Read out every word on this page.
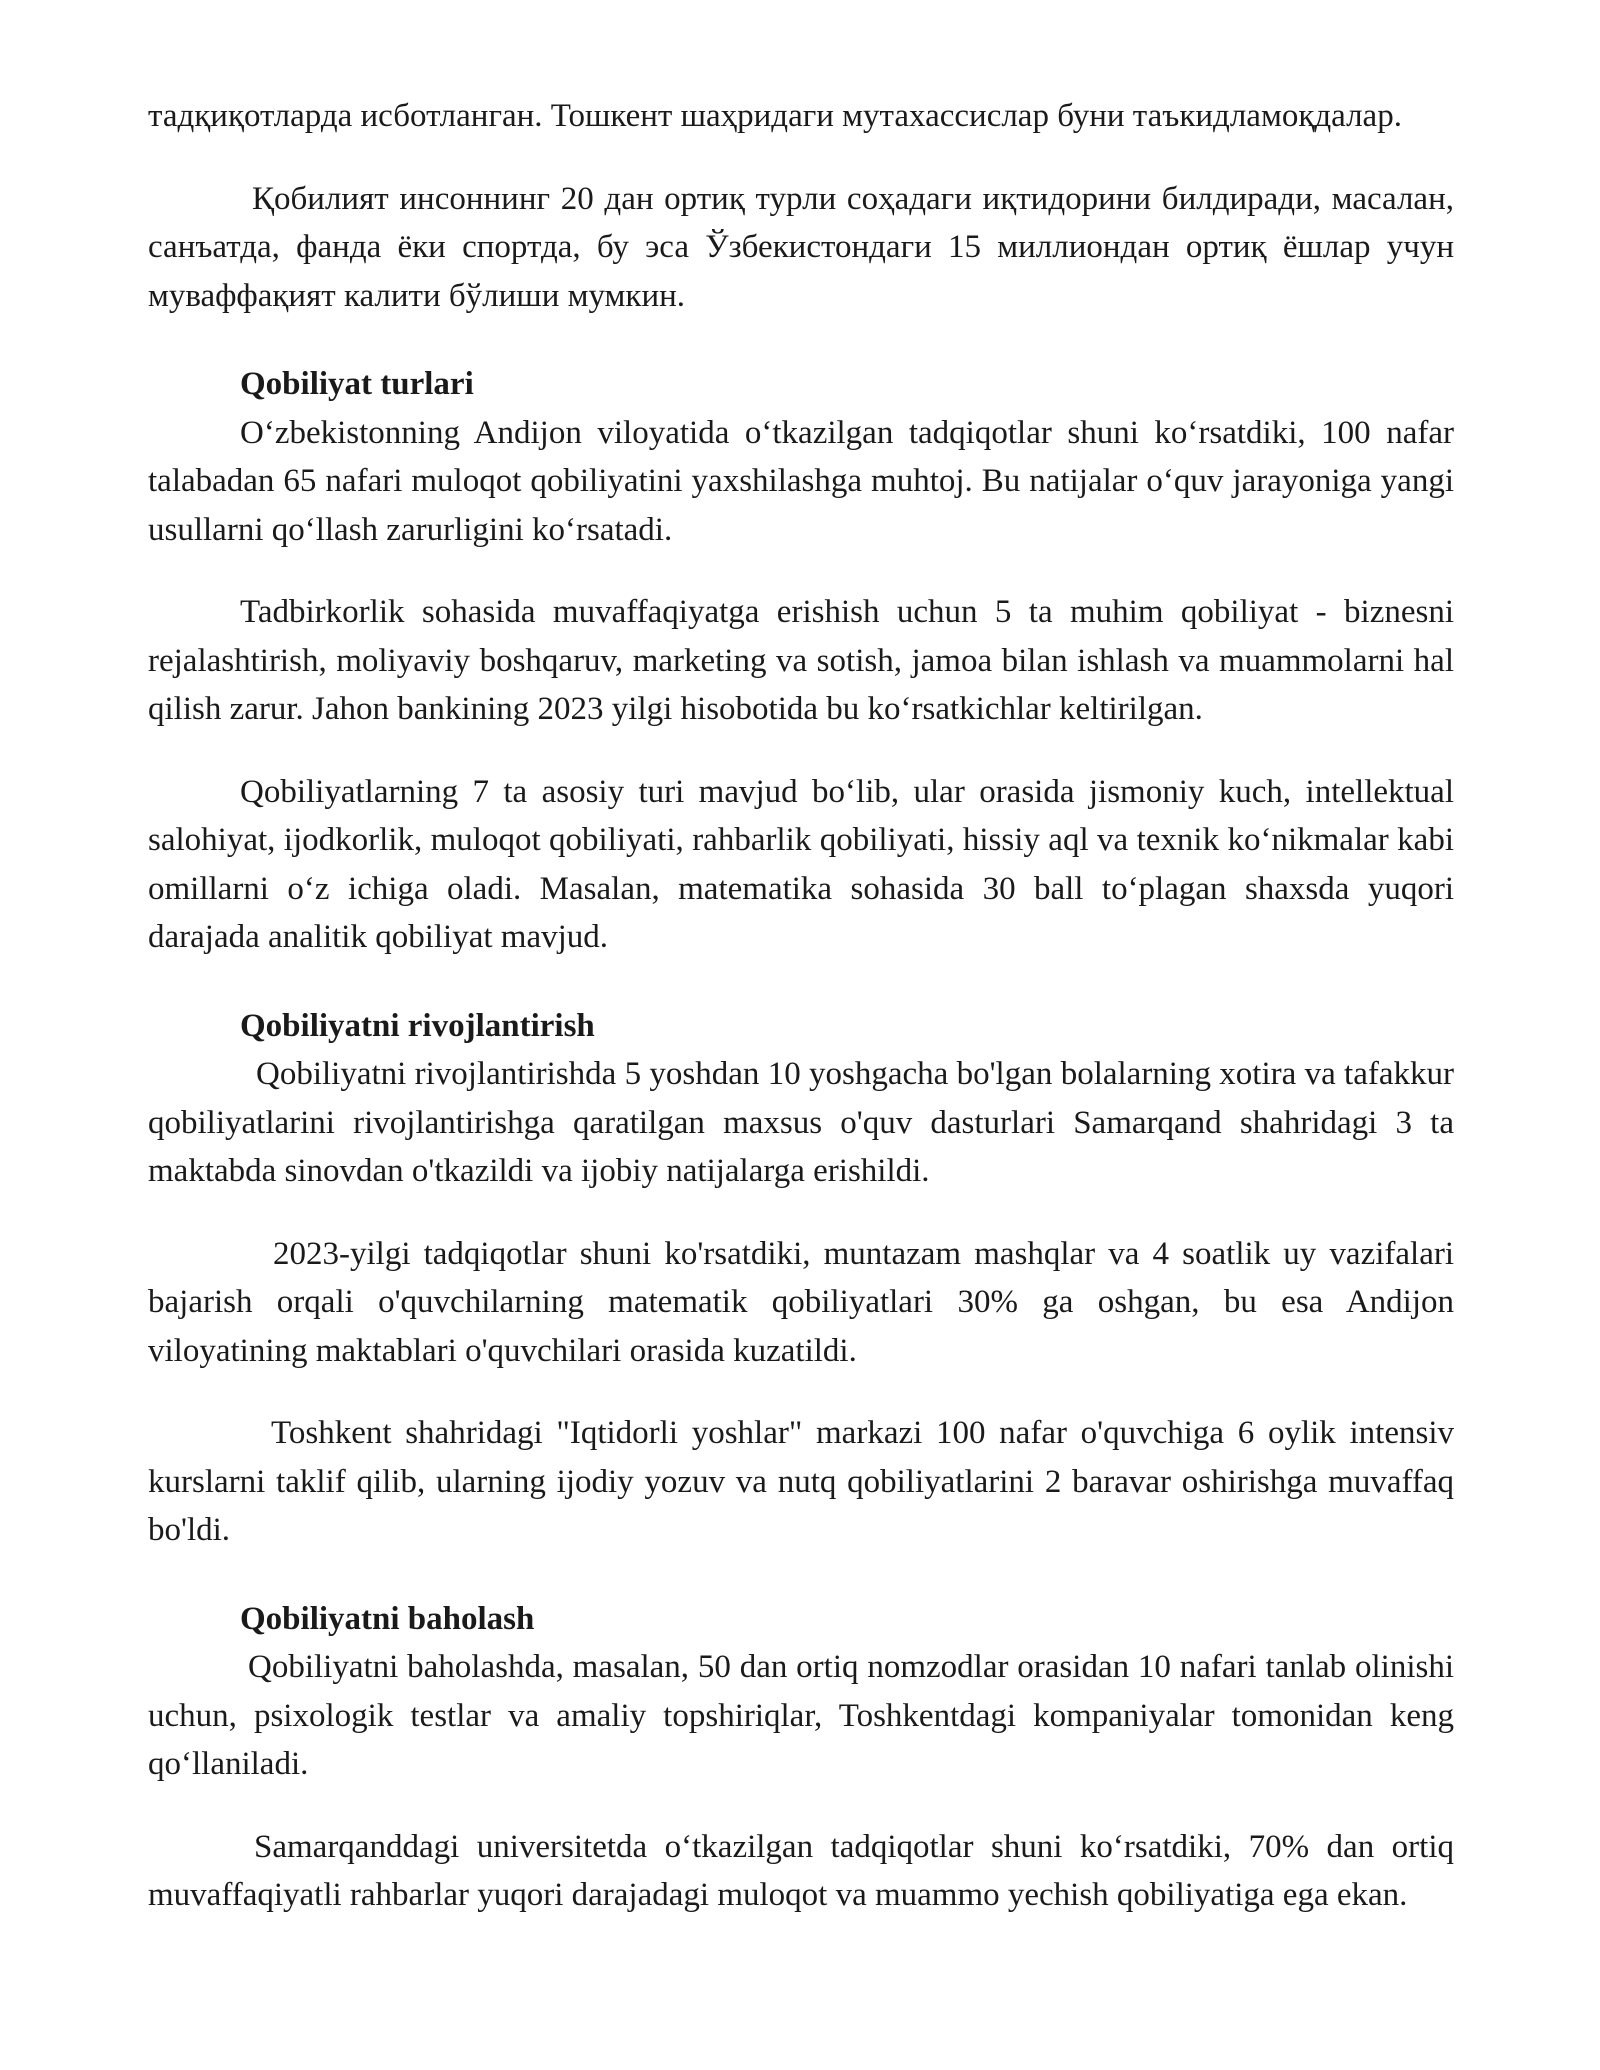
тадқиқотларда исботланган. Тошкент шаҳридаги мутахассислар буни таъкидламоқдалар.

Қобилият инсоннинг 20 дан ортиқ турли соҳадаги иқтидорини билдиради, масалан, санъатда, фанда ёки спортда, бу эса Ўзбекистондаги 15 миллиондан ортиқ ёшлар учун муваффақият калити бўлиши мумкин.

Qobiliyat turlari

Oʻzbekistonning Andijon viloyatida oʻtkazilgan tadqiqotlar shuni koʻrsatdiki, 100 nafar talabadan 65 nafari muloqot qobiliyatini yaxshilashga muhtoj. Bu natijalar oʻquv jarayoniga yangi usullarni qoʻllash zarurligini koʻrsatadi.

Tadbirkorlik sohasida muvaffaqiyatga erishish uchun 5 ta muhim qobiliyat - biznesni rejalashtirish, moliyaviy boshqaruv, marketing va sotish, jamoa bilan ishlash va muammolarni hal qilish zarur. Jahon bankining 2023 yilgi hisobotida bu koʻrsatkichlar keltirilgan.

Qobiliyatlarning 7 ta asosiy turi mavjud boʻlib, ular orasida jismoniy kuch, intellektual salohiyat, ijodkorlik, muloqot qobiliyati, rahbarlik qobiliyati, hissiy aql va texnik koʻnikmalar kabi omillarni oʻz ichiga oladi. Masalan, matematika sohasida 30 ball toʻplagan shaxsda yuqori darajada analitik qobiliyat mavjud.

Qobiliyatni rivojlantirish

Qobiliyatni rivojlantirishda 5 yoshdan 10 yoshgacha bo'lgan bolalarning xotira va tafakkur qobiliyatlarini rivojlantirishga qaratilgan maxsus o'quv dasturlari Samarqand shahridagi 3 ta maktabda sinovdan o'tkazildi va ijobiy natijalarga erishildi.

2023-yilgi tadqiqotlar shuni ko'rsatdiki, muntazam mashqlar va 4 soatlik uy vazifalari bajarish orqali o'quvchilarning matematik qobiliyatlari 30% ga oshgan, bu esa Andijon viloyatining maktablari o'quvchilari orasida kuzatildi.

Toshkent shahridagi "Iqtidorli yoshlar" markazi 100 nafar o'quvchiga 6 oylik intensiv kurslarni taklif qilib, ularning ijodiy yozuv va nutq qobiliyatlarini 2 baravar oshirishga muvaffaq bo'ldi.

Qobiliyatni baholash

Qobiliyatni baholashda, masalan, 50 dan ortiq nomzodlar orasidan 10 nafari tanlab olinishi uchun, psixologik testlar va amaliy topshiriqlar, Toshkentdagi kompaniyalar tomonidan keng qoʻllaniladi.

Samarqanddagi universitetda oʻtkazilgan tadqiqotlar shuni koʻrsatdiki, 70% dan ortiq muvaffaqiyatli rahbarlar yuqori darajadagi muloqot va muammo yechish qobiliyatiga ega ekan.
